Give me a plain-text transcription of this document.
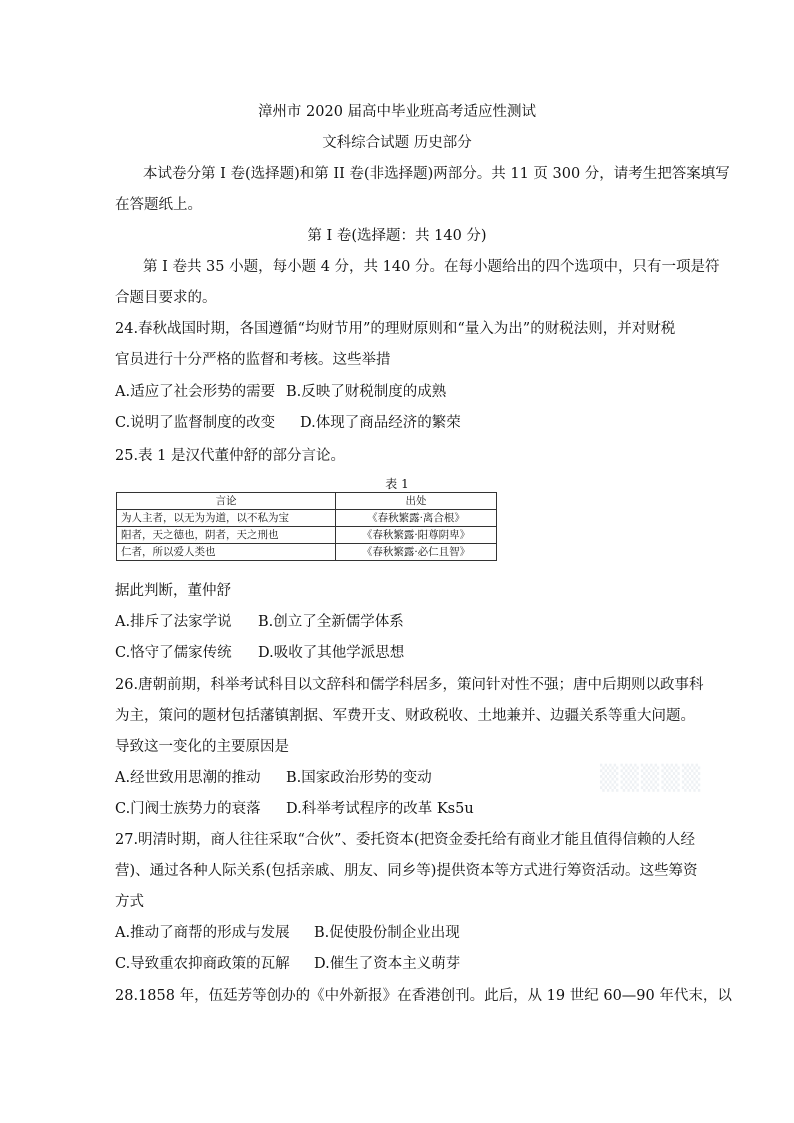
漳州市 2020 届高中毕业班高考适应性测试
文科综合试题 历史部分
本试卷分第 I 卷(选择题)和第 II 卷(非选择题)两部分。共 11 页 300 分，请考生把答案填写
在答题纸上。
第 I 卷(选择题：共 140 分)
第 I 卷共 35 小题，每小题 4 分，共 140 分。在每小题给出的四个选项中，只有一项是符
合题目要求的。
24.春秋战国时期，各国遵循“均财节用”的理财原则和“量入为出”的财税法则，并对财税
官员进行十分严格的监督和考核。这些举措
A.适应了社会形势的需要 B.反映了财税制度的成熟
C.说明了监督制度的改变 D.体现了商品经济的繁荣
25.表 1 是汉代董仲舒的部分言论。
表 1
言论	出处
为人主者，以无为为道，以不私为宝	《春秋繁露·离合根》
阳者，天之德也，阴者，天之刑也	《春秋繁露·阳尊阴卑》
仁者，所以爱人类也	《春秋繁露·必仁且智》
据此判断，董仲舒
A.排斥了法家学说 B.创立了全新儒学体系
C.恪守了儒家传统 D.吸收了其他学派思想
26.唐朝前期，科举考试科目以文辞科和儒学科居多，策问针对性不强；唐中后期则以政事科
为主，策问的题材包括藩镇割据、军费开支、财政税收、土地兼并、边疆关系等重大问题。
导致这一变化的主要原因是
A.经世致用思潮的推动 B.国家政治形势的变动
C.门阀士族势力的衰落 D.科举考试程序的改革 Ks5u
▒▒▒▒▒
27.明清时期，商人往往采取“合伙”、委托资本(把资金委托给有商业才能且值得信赖的人经
营)、通过各种人际关系(包括亲戚、朋友、同乡等)提供资本等方式进行筹资活动。这些筹资
方式
A.推动了商帮的形成与发展 B.促使股份制企业出现
C.导致重农抑商政策的瓦解 D.催生了资本主义萌芽
28.1858 年，伍廷芳等创办的《中外新报》在香港创刊。此后，从 19 世纪 60—90 年代末，以
